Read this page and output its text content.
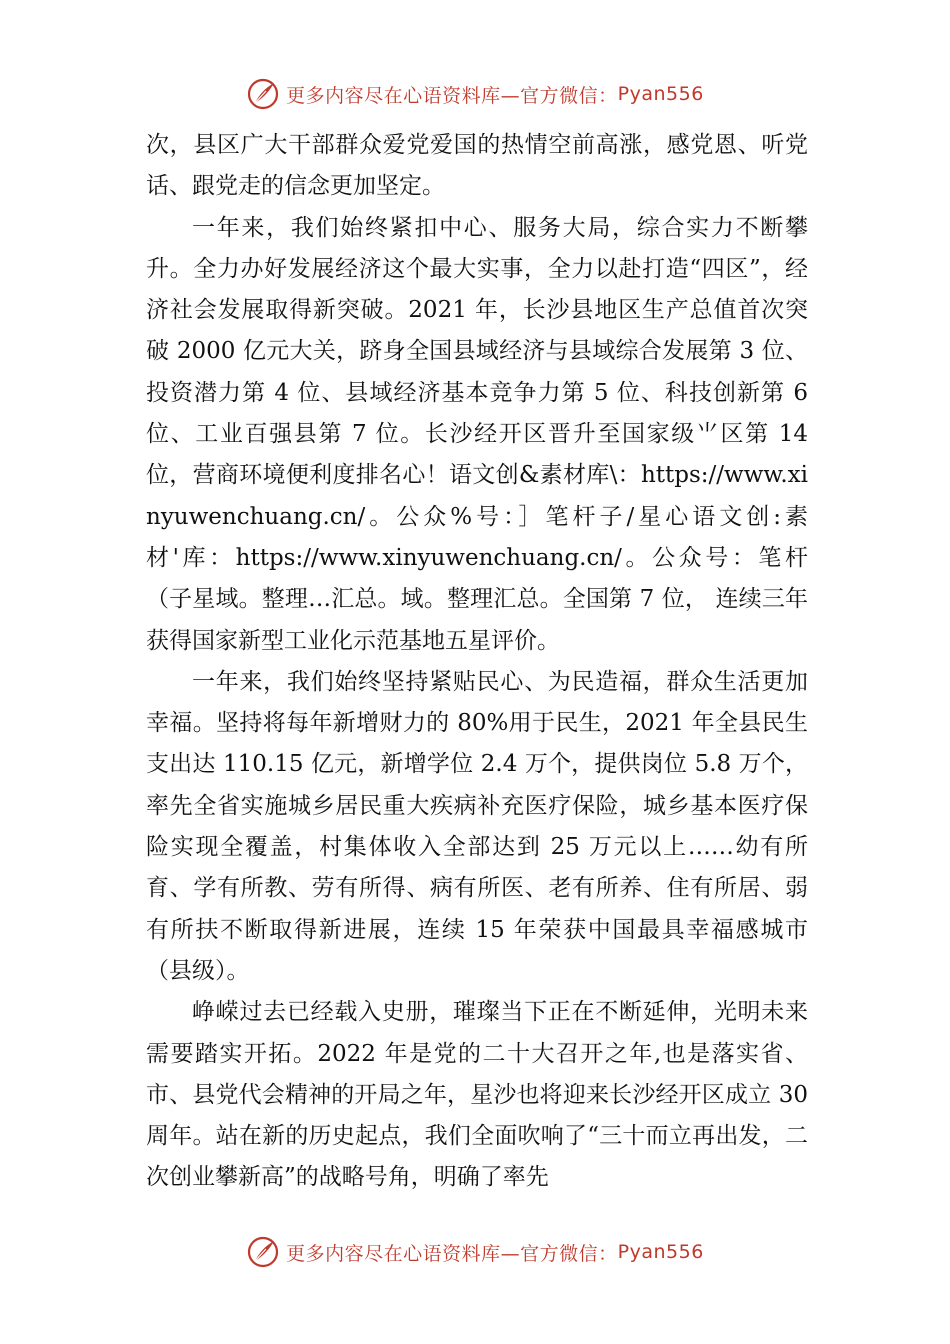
更多内容尽在心语资料库—官方微信： Pyan556

次，县区广大干部群众爱党爱国的热情空前高涨，感党恩、听党话、跟党走的信念更加坚定。

一年来，我们始终紧扣中心、服务大局，综合实力不断攀升。全力办好发展经济这个最大实事，全力以赴打造“四区”，经济社会发展取得新突破。2021 年，长沙县地区生产总值首次突破 2000 亿元大关，跻身全国县域经济与县域综合发展第 3 位、投资潜力第 4 位、县域经济基本竞争力第 5 位、科技创新第 6 位、工业百强县第 7 位。长沙经开区晋升至国家级⺌区第 14 位，营商环境便利度排名心！语文创&素材库\：https://www.xinyuwenchuang.cn/。公众%号：］笔杆子/星心语文创:素材'库：https://www.xinyuwenchuang.cn/。公众号：笔杆（子星域。整理…汇总。域。整理汇总。全国第 7 位， 连续三年获得国家新型工业化示范基地五星评价。

一年来，我们始终坚持紧贴民心、为民造福，群众生活更加幸福。坚持将每年新增财力的 80%用于民生，2021 年全县民生支出达 110.15 亿元，新增学位 2.4 万个，提供岗位 5.8 万个，率先全省实施城乡居民重大疾病补充医疗保险，城乡基本医疗保险实现全覆盖，村集体收入全部达到 25 万元以上……幼有所育、学有所教、劳有所得、病有所医、老有所养、住有所居、弱有所扶不断取得新进展，连续 15 年荣获中国最具幸福感城市（县级）。

峥嵘过去已经载入史册，璀璨当下正在不断延伸，光明未来需要踏实开拓。2022 年是党的二十大召开之年,也是落实省、市、县党代会精神的开局之年，星沙也将迎来长沙经开区成立 30 周年。站在新的历史起点，我们全面吹响了“三十而立再出发，二次创业攀新高”的战略号角，明确了率先

更多内容尽在心语资料库—官方微信： Pyan556
